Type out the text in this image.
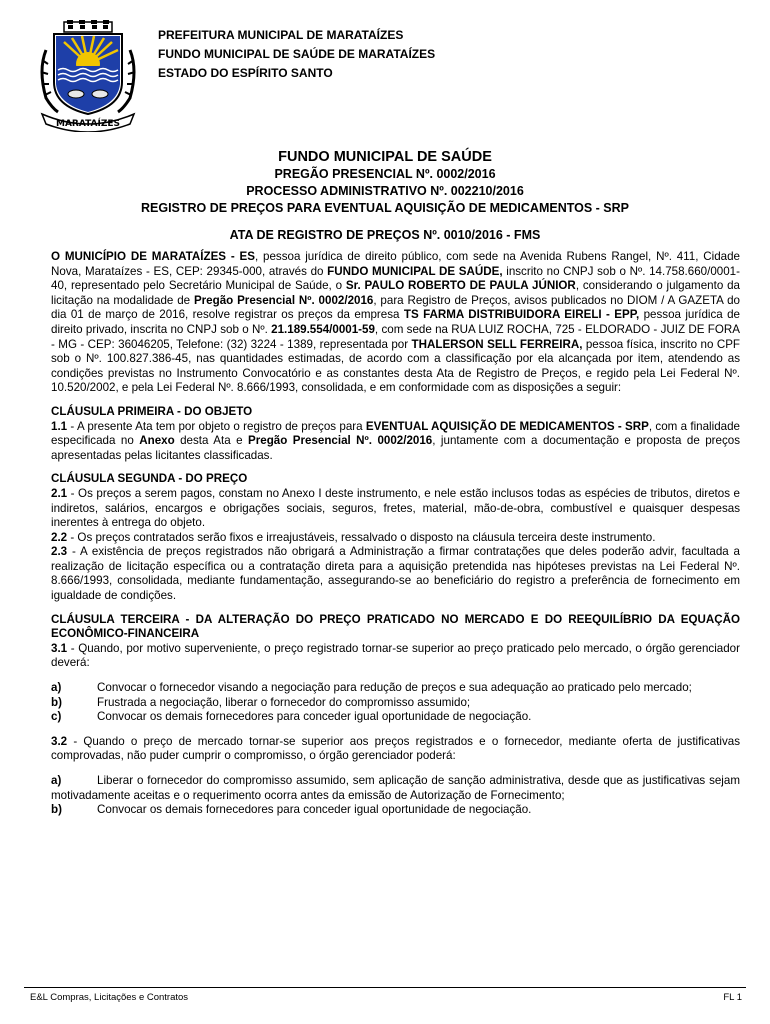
MARATAÍZES
PREFEITURA MUNICIPAL DE MARATAÍZES
FUNDO MUNICIPAL DE SAÚDE DE MARATAÍZES
ESTADO DO ESPÍRITO SANTO
FUNDO MUNICIPAL DE SAÚDE
PREGÃO PRESENCIAL Nº. 0002/2016
PROCESSO ADMINISTRATIVO Nº. 002210/2016
REGISTRO DE PREÇOS PARA EVENTUAL AQUISIÇÃO DE MEDICAMENTOS - SRP
ATA DE REGISTRO DE PREÇOS Nº. 0010/2016 - FMS

O MUNICÍPIO DE MARATAÍZES - ES, pessoa jurídica de direito público, com sede na Avenida Rubens Rangel, Nº. 411, Cidade Nova, Marataízes - ES, CEP: 29345-000, através do FUNDO MUNICIPAL DE SAÚDE, inscrito no CNPJ sob o Nº. 14.758.660/0001-40, representado pelo Secretário Municipal de Saúde, o Sr. PAULO ROBERTO DE PAULA JÚNIOR, considerando o julgamento da licitação na modalidade de Pregão Presencial Nº. 0002/2016, para Registro de Preços, avisos publicados no DIOM / A GAZETA do dia 01 de março de 2016, resolve registrar os preços da empresa TS FARMA DISTRIBUIDORA EIRELI - EPP, pessoa jurídica de direito privado, inscrita no CNPJ sob o Nº. 21.189.554/0001-59, com sede na RUA LUIZ ROCHA, 725 - ELDORADO - JUIZ DE FORA - MG - CEP: 36046205, Telefone: (32) 3224 - 1389, representada por THALERSON SELL FERREIRA, pessoa física, inscrito no CPF sob o Nº. 100.827.386-45, nas quantidades estimadas, de acordo com a classificação por ela alcançada por item, atendendo as condições previstas no Instrumento Convocatório e as constantes desta Ata de Registro de Preços, e regido pela Lei Federal Nº. 10.520/2002, e pela Lei Federal Nº. 8.666/1993, consolidada, e em conformidade com as disposições a seguir:

CLÁUSULA PRIMEIRA - DO OBJETO

1.1 - A presente Ata tem por objeto o registro de preços para EVENTUAL AQUISIÇÃO DE MEDICAMENTOS - SRP, com a finalidade especificada no Anexo desta Ata e Pregão Presencial Nº. 0002/2016, juntamente com a documentação e proposta de preços apresentadas pelas licitantes classificadas.

CLÁUSULA SEGUNDA - DO PREÇO

2.1 - Os preços a serem pagos, constam no Anexo I deste instrumento, e nele estão inclusos todas as espécies de tributos, diretos e indiretos, salários, encargos e obrigações sociais, seguros, fretes, material, mão-de-obra, combustível e quaisquer despesas inerentes à entrega do objeto.

2.2 - Os preços contratados serão fixos e irreajustáveis, ressalvado o disposto na cláusula terceira deste instrumento.

2.3 - A existência de preços registrados não obrigará a Administração a firmar contratações que deles poderão advir, facultada a realização de licitação específica ou a contratação direta para a aquisição pretendida nas hipóteses previstas na Lei Federal Nº. 8.666/1993, consolidada, mediante fundamentação, assegurando-se ao beneficiário do registro a preferência de fornecimento em igualdade de condições.

CLÁUSULA TERCEIRA - DA ALTERAÇÃO DO PREÇO PRATICADO NO MERCADO E DO REEQUILÍBRIO DA EQUAÇÃO ECONÔMICO-FINANCEIRA

3.1 - Quando, por motivo superveniente, o preço registrado tornar-se superior ao preço praticado pelo mercado, o órgão gerenciador deverá:

a)	Convocar o fornecedor visando a negociação para redução de preços e sua adequação ao praticado pelo mercado;

b)	Frustrada a negociação, liberar o fornecedor do compromisso assumido;
c)	Convocar os demais fornecedores para conceder igual oportunidade de negociação.

3.2 - Quando o preço de mercado tornar-se superior aos preços registrados e o fornecedor, mediante oferta de justificativas comprovadas, não puder cumprir o compromisso, o órgão gerenciador poderá:

a)	Liberar o fornecedor do compromisso assumido, sem aplicação de sanção administrativa, desde que as justificativas sejam motivadamente aceitas e o requerimento ocorra antes da emissão de Autorização de Fornecimento;

b)	Convocar os demais fornecedores para conceder igual oportunidade de negociação.
E&L Compras, Licitações e Contratos	FL 1
